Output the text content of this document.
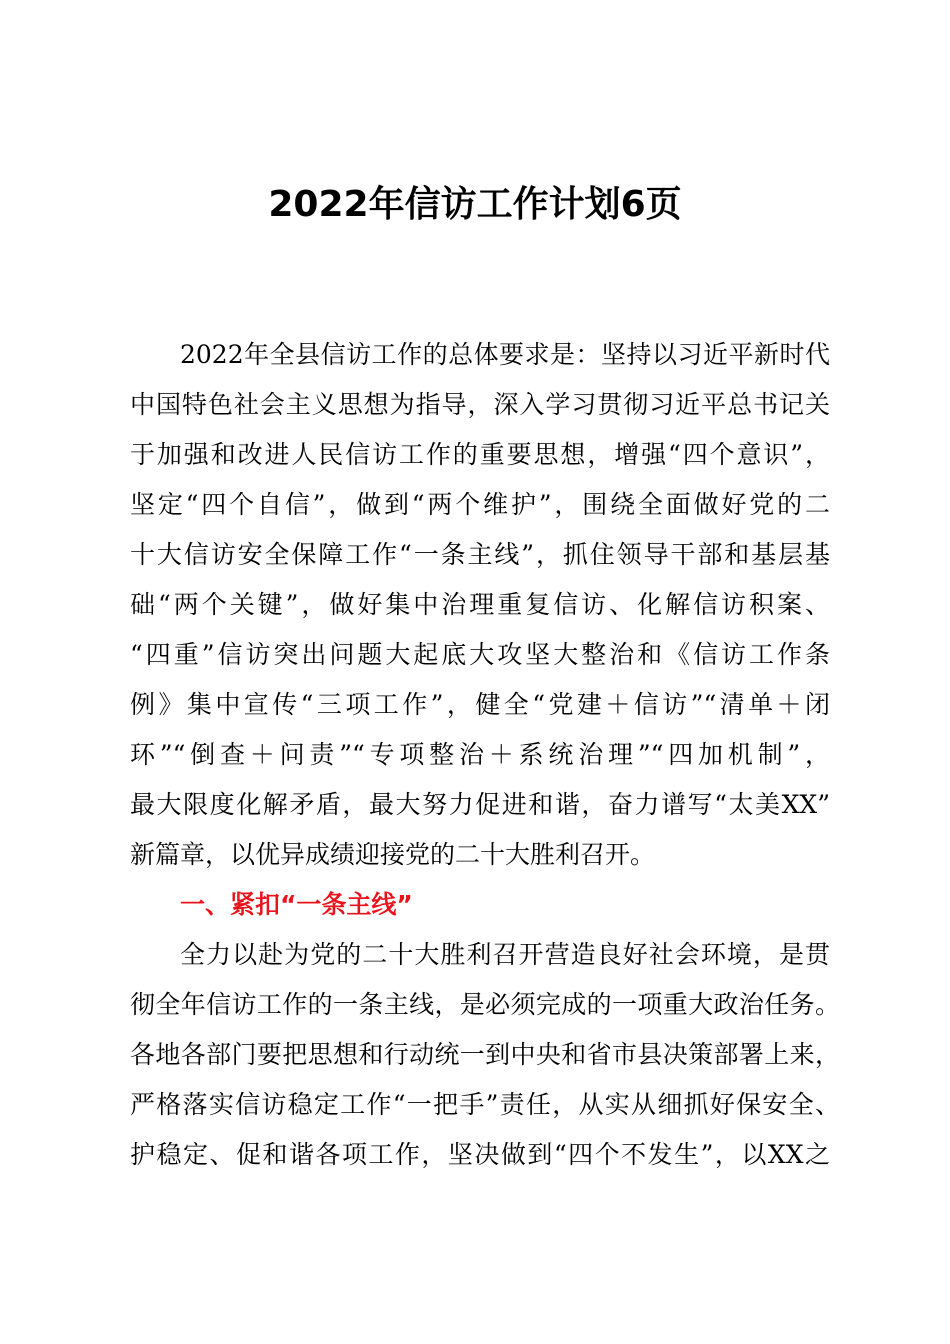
2022年信访工作计划6页

2022年全县信访工作的总体要求是：坚持以习近平新时代

中国特色社会主义思想为指导，深入学习贯彻习近平总书记关

于加强和改进人民信访工作的重要思想，增强“四个意识”，

坚定“四个自信”，做到“两个维护”，围绕全面做好党的二

十大信访安全保障工作“一条主线”，抓住领导干部和基层基

础“两个关键”，做好集中治理重复信访、化解信访积案、

“四重”信访突出问题大起底大攻坚大整治和《信访工作条

例》集中宣传“三项工作”，健全“党建＋信访”“清单＋闭

环”“倒查＋问责”“专项整治＋系统治理”“四加机制”，

最大限度化解矛盾，最大努力促进和谐，奋力谱写“太美XX”

新篇章，以优异成绩迎接党的二十大胜利召开。

一、紧扣“一条主线”

全力以赴为党的二十大胜利召开营造良好社会环境，是贯

彻全年信访工作的一条主线，是必须完成的一项重大政治任务。

各地各部门要把思想和行动统一到中央和省市县决策部署上来，

严格落实信访稳定工作“一把手”责任，从实从细抓好保安全、

护稳定、促和谐各项工作，坚决做到“四个不发生”，以XX之
